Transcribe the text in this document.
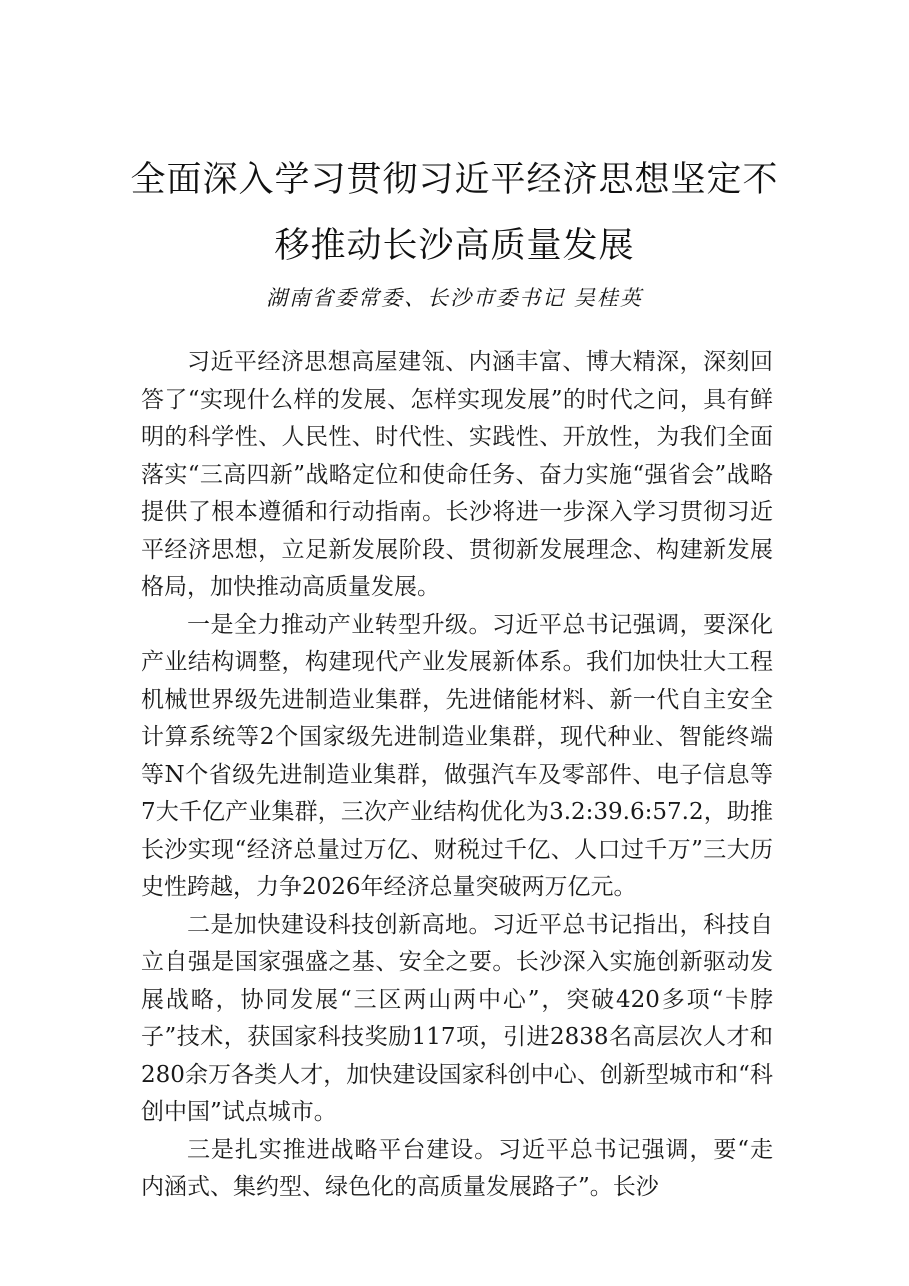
全面深入学习贯彻习近平经济思想坚定不
移推动长沙高质量发展
湖南省委常委、长沙市委书记 吴桂英

习近平经济思想高屋建瓴、内涵丰富、博大精深，深刻回答了“实现什么样的发展、怎样实现发展”的时代之问，具有鲜明的科学性、人民性、时代性、实践性、开放性，为我们全面落实“三高四新”战略定位和使命任务、奋力实施“强省会”战略提供了根本遵循和行动指南。长沙将进一步深入学习贯彻习近平经济思想，立足新发展阶段、贯彻新发展理念、构建新发展格局，加快推动高质量发展。

一是全力推动产业转型升级。习近平总书记强调，要深化产业结构调整，构建现代产业发展新体系。我们加快壮大工程机械世界级先进制造业集群，先进储能材料、新一代自主安全计算系统等2个国家级先进制造业集群，现代种业、智能终端等N个省级先进制造业集群，做强汽车及零部件、电子信息等7大千亿产业集群，三次产业结构优化为3.2:39.6:57.2，助推长沙实现“经济总量过万亿、财税过千亿、人口过千万”三大历史性跨越，力争2026年经济总量突破两万亿元。

二是加快建设科技创新高地。习近平总书记指出，科技自立自强是国家强盛之基、安全之要。长沙深入实施创新驱动发展战略，协同发展“三区两山两中心”，突破420多项“卡脖子”技术，获国家科技奖励117项，引进2838名高层次人才和280余万各类人才，加快建设国家科创中心、创新型城市和“科创中国”试点城市。

三是扎实推进战略平台建设。习近平总书记强调，要“走内涵式、集约型、绿色化的高质量发展路子”。长沙
